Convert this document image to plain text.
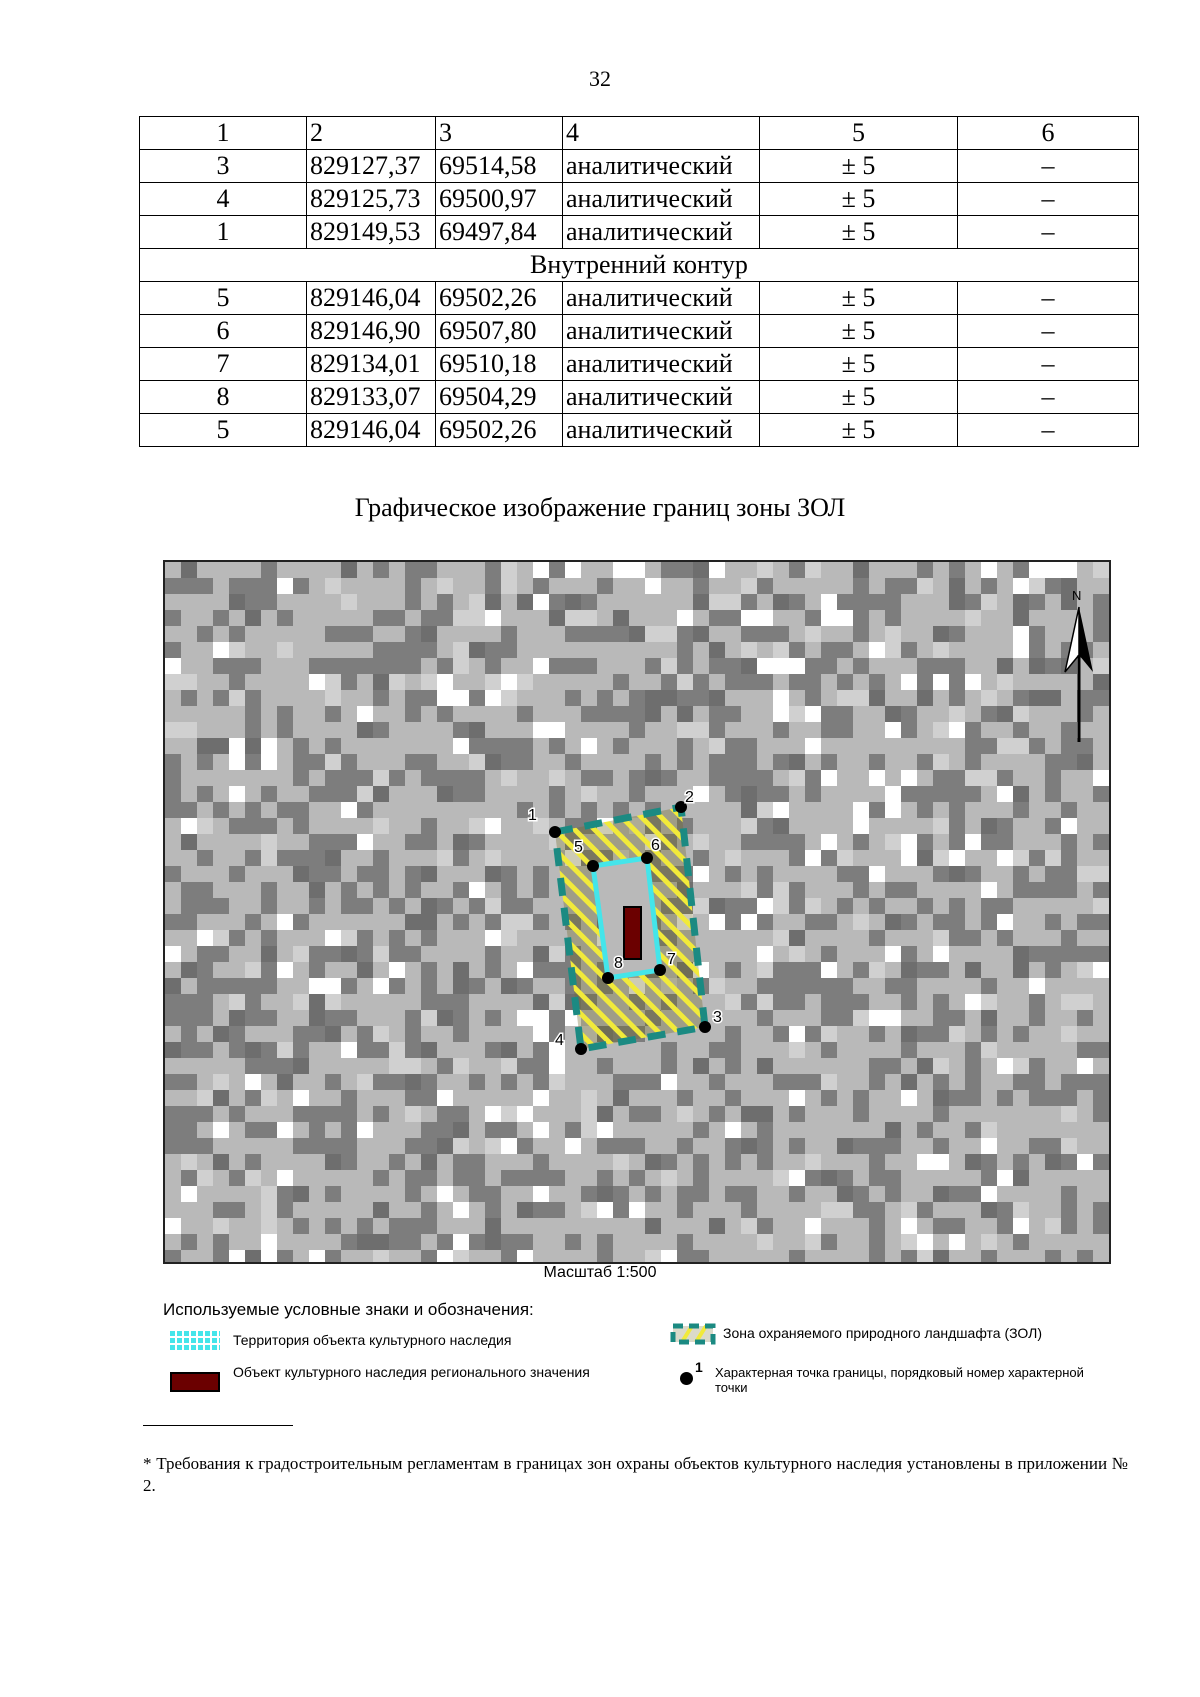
32
1	2	3	4	5	6
3	829127,37	69514,58	аналитический	± 5	–
4	829125,73	69500,97	аналитический	± 5	–
1	829149,53	69497,84	аналитический	± 5	–
Внутренний контур					
5	829146,04	69502,26	аналитический	± 5	–
6	829146,90	69507,80	аналитический	± 5	–
7	829134,01	69510,18	аналитический	± 5	–
8	829133,07	69504,29	аналитический	± 5	–
5	829146,04	69502,26	аналитический	± 5	–
Графическое изображение границ зоны ЗОЛ
1
2
3
4
5	6
7
8
N
Масштаб 1:500
Используемые условные знаки и обозначения:
Территория объекта культурного наследия
Объект культурного наследия регионального значения
Зона охраняемого природного ландшафта (ЗОЛ)
1 Характерная точка границы, порядковый номер характерной точки
* Требования к градостроительным регламентам в границах зон охраны объектов культурного наследия установлены в приложении № 2.
